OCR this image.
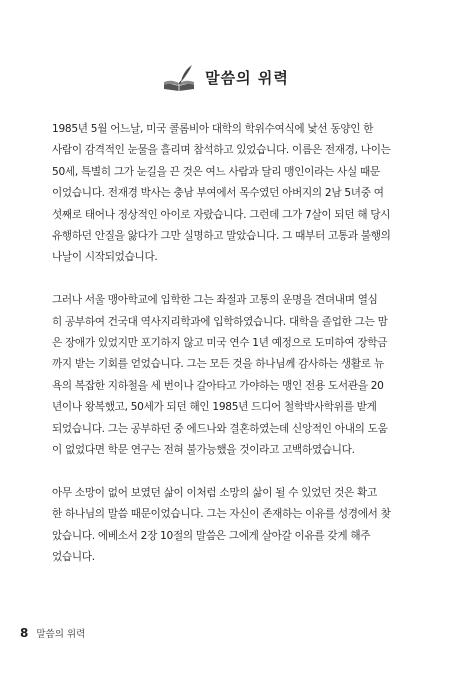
말씀의 위력
1985년 5월 어느날, 미국 콜롬비아 대학의 학위수여식에 낯선 동양인 한
사람이 감격적인 눈물을 흘리며 참석하고 있었습니다. 이름은 전재경, 나이는
50세, 특별히 그가 눈길을 끈 것은 여느 사람과 달리 맹인이라는 사실 때문
이었습니다. 전재경 박사는 충남 부여에서 목수였던 아버지의 2남 5녀중 여
섯째로 태어나 정상적인 아이로 자랐습니다. 그런데 그가 7살이 되던 해 당시
유행하던 안질을 앓다가 그만 실명하고 말았습니다. 그 때부터 고통과 불행의
나날이 시작되었습니다.
그러나 서울 맹아학교에 입학한 그는 좌절과 고통의 운명을 견뎌내며 열심
히 공부하여 건국대 역사지리학과에 입학하였습니다. 대학을 졸업한 그는 맘
은 장애가 있었지만 포기하지 않고 미국 연수 1년 예정으로 도미하여 장학금
까지 받는 기회를 얻었습니다. 그는 모든 것을 하나님께 감사하는 생활로 뉴
욕의 복잡한 지하철을 세 번이나 갈아타고 가야하는 맹인 전용 도서관을 20
년이나 왕복했고, 50세가 되던 해인 1985년 드디어 철학박사학위를 받게
되었습니다. 그는 공부하던 중 에드나와 결혼하였는데 신앙적인 아내의 도움
이 없었다면 학문 연구는 전혀 불가능했을 것이라고 고백하였습니다.
아무 소망이 없어 보였던 삶이 이처럼 소망의 삶이 될 수 있었던 것은 확고
한 하나님의 말씀 때문이었습니다. 그는 자신이 존재하는 이유를 성경에서 찾
았습니다. 에베소서 2장 10절의 말씀은 그에게 살아갈 이유를 갖게 해주
었습니다.
8 말씀의 위력
